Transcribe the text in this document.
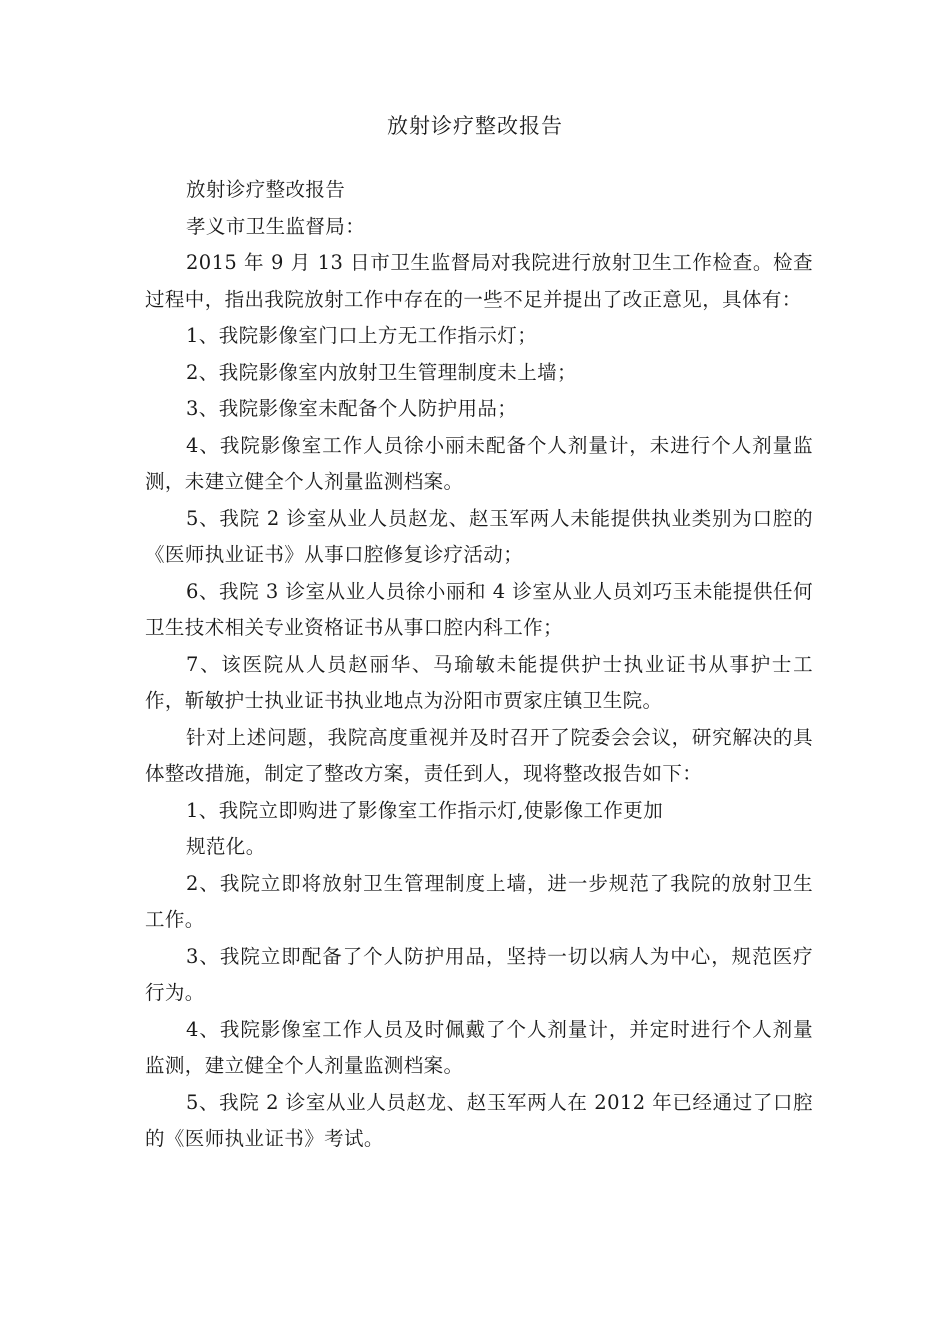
放射诊疗整改报告

放射诊疗整改报告

孝义市卫生监督局：

2015 年 9 月 13 日市卫生监督局对我院进行放射卫生工作检查。检查过程中，指出我院放射工作中存在的一些不足并提出了改正意见，具体有：

1、我院影像室门口上方无工作指示灯；

2、我院影像室内放射卫生管理制度未上墙；

3、我院影像室未配备个人防护用品；

4、我院影像室工作人员徐小丽未配备个人剂量计，未进行个人剂量监测，未建立健全个人剂量监测档案。

5、我院 2 诊室从业人员赵龙、赵玉军两人未能提供执业类别为口腔的《医师执业证书》从事口腔修复诊疗活动；

6、我院 3 诊室从业人员徐小丽和 4 诊室从业人员刘巧玉未能提供任何卫生技术相关专业资格证书从事口腔内科工作；

7、该医院从人员赵丽华、马瑜敏未能提供护士执业证书从事护士工作，靳敏护士执业证书执业地点为汾阳市贾家庄镇卫生院。

针对上述问题，我院高度重视并及时召开了院委会会议，研究解决的具体整改措施，制定了整改方案，责任到人，现将整改报告如下：

1、我院立即购进了影像室工作指示灯,使影像工作更加

规范化。

2、我院立即将放射卫生管理制度上墙，进一步规范了我院的放射卫生工作。

3、我院立即配备了个人防护用品，坚持一切以病人为中心，规范医疗行为。

4、我院影像室工作人员及时佩戴了个人剂量计，并定时进行个人剂量监测，建立健全个人剂量监测档案。

5、我院 2 诊室从业人员赵龙、赵玉军两人在 2012 年已经通过了口腔的《医师执业证书》考试。
